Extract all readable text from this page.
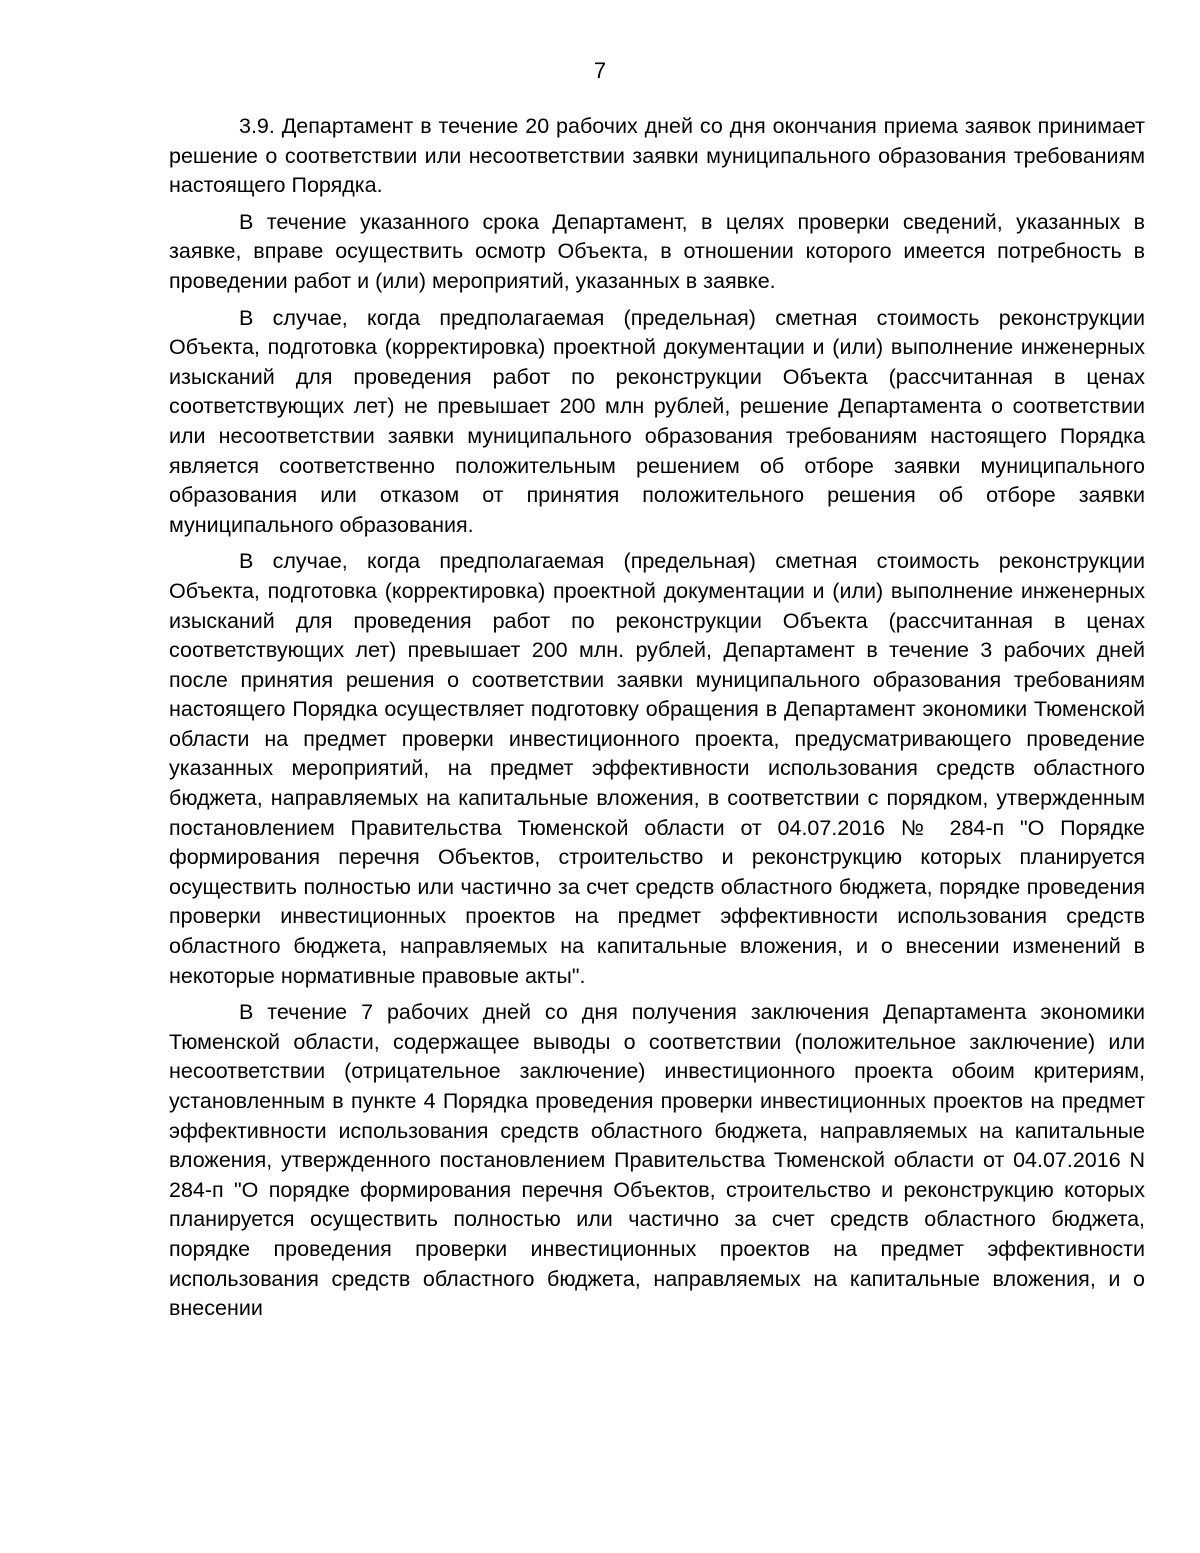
7

3.9. Департамент в течение 20 рабочих дней со дня окончания приема заявок принимает решение о соответствии или несоответствии заявки муниципального образования требованиям настоящего Порядка.

В течение указанного срока Департамент, в целях проверки сведений, указанных в заявке, вправе осуществить осмотр Объекта, в отношении которого имеется потребность в проведении работ и (или) мероприятий, указанных в заявке.

В случае, когда предполагаемая (предельная) сметная стоимость реконструкции Объекта, подготовка (корректировка) проектной документации и (или) выполнение инженерных изысканий для проведения работ по реконструкции Объекта (рассчитанная в ценах соответствующих лет) не превышает 200 млн рублей, решение Департамента о соответствии или несоответствии заявки муниципального образования требованиям настоящего Порядка является соответственно положительным решением об отборе заявки муниципального образования или отказом от принятия положительного решения об отборе заявки муниципального образования.

В случае, когда предполагаемая (предельная) сметная стоимость реконструкции Объекта, подготовка (корректировка) проектной документации и (или) выполнение инженерных изысканий для проведения работ по реконструкции Объекта (рассчитанная в ценах соответствующих лет) превышает 200 млн. рублей, Департамент в течение 3 рабочих дней после принятия решения о соответствии заявки муниципального образования требованиям настоящего Порядка осуществляет подготовку обращения в Департамент экономики Тюменской области на предмет проверки инвестиционного проекта, предусматривающего проведение указанных мероприятий, на предмет эффективности использования средств областного бюджета, направляемых на капитальные вложения, в соответствии с порядком, утвержденным постановлением Правительства Тюменской области от 04.07.2016 № 284-п "О Порядке формирования перечня Объектов, строительство и реконструкцию которых планируется осуществить полностью или частично за счет средств областного бюджета, порядке проведения проверки инвестиционных проектов на предмет эффективности использования средств областного бюджета, направляемых на капитальные вложения, и о внесении изменений в некоторые нормативные правовые акты".

В течение 7 рабочих дней со дня получения заключения Департамента экономики Тюменской области, содержащее выводы о соответствии (положительное заключение) или несоответствии (отрицательное заключение) инвестиционного проекта обоим критериям, установленным в пункте 4 Порядка проведения проверки инвестиционных проектов на предмет эффективности использования средств областного бюджета, направляемых на капитальные вложения, утвержденного постановлением Правительства Тюменской области от 04.07.2016 N 284-п "О порядке формирования перечня Объектов, строительство и реконструкцию которых планируется осуществить полностью или частично за счет средств областного бюджета, порядке проведения проверки инвестиционных проектов на предмет эффективности использования средств областного бюджета, направляемых на капитальные вложения, и о внесении
